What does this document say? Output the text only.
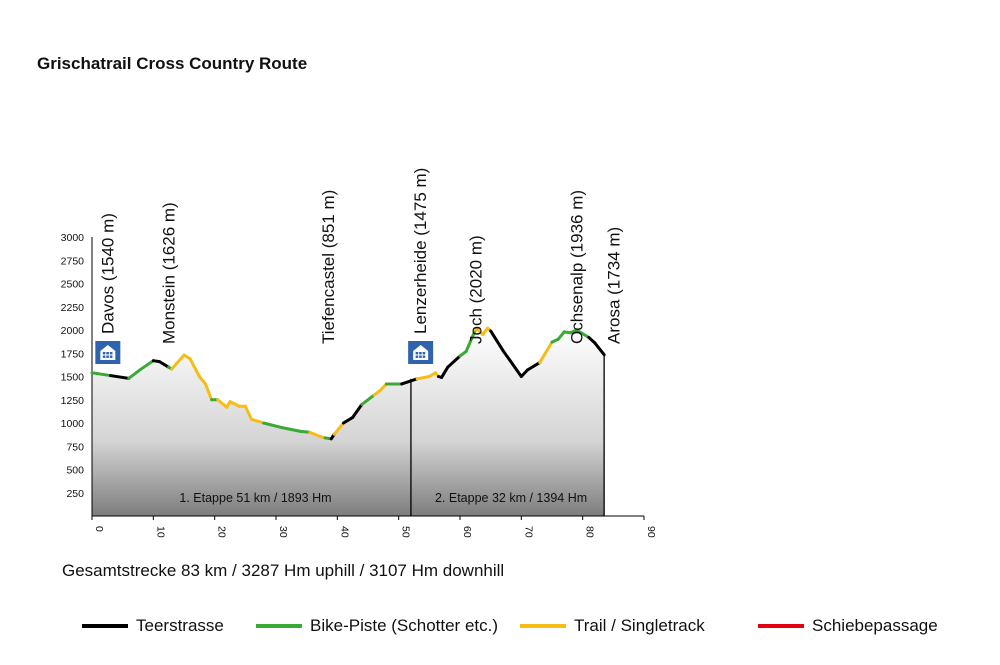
Grischatrail Cross Country Route
1. Etappe 51 km / 1893 Hm	2. Etappe 32 km / 1394 Hm
250
500
750
1000
1250
1500
1750
2000
2250
2500
2750
3000
0	10	20	30	40	50	60	70	80	90
Davos (1540 m) Monstein (1626 m)	Tiefencastel (851 m)	Lenzerheide (1475 m) Joch (2020 m)	Ochsenalp (1936 m) Arosa (1734 m)
Gesamtstrecke 83 km / 3287 Hm uphill / 3107 Hm downhill
Teerstrasse	Bike-Piste (Schotter etc.)	Trail / Singletrack	Schiebepassage
